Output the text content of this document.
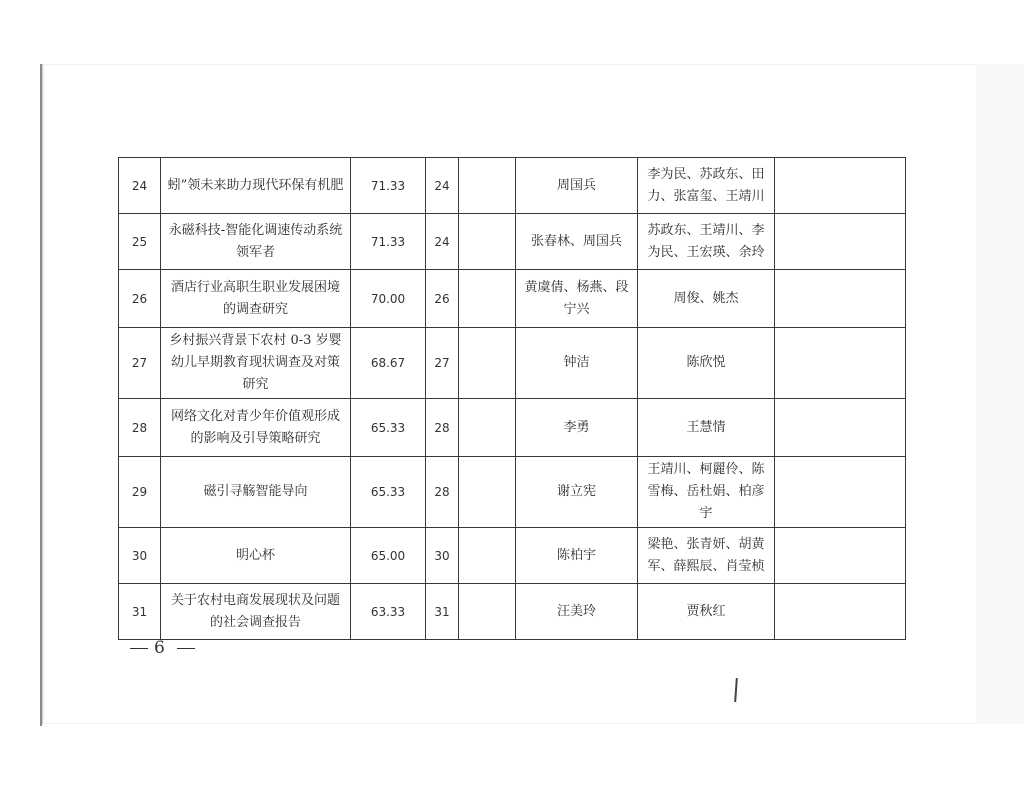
24	蚓”领未来助力现代环保有机肥	71.33	24		周国兵	李为民、苏政东、田力、张富玺、王靖川	
25	永磁科技-智能化调速传动系统领军者	71.33	24		张春林、周国兵	苏政东、王靖川、李为民、王宏瑛、余玲	
26	酒店行业高职生职业发展困境的调查研究	70.00	26		黄虞倩、杨燕、段宁兴	周俊、姚杰	
27	乡村振兴背景下农村 0-3 岁婴幼儿早期教育现状调查及对策研究	68.67	27		钟洁	陈欣悦	
28	网络文化对青少年价值观形成的影响及引导策略研究	65.33	28		李勇	王慧情	
29	磁引寻觞智能导向	65.33	28		谢立宪	王靖川、柯麗伶、陈雪梅、岳杜娟、柏彦宇	
30	明心杯	65.00	30		陈柏宇	梁艳、张青妍、胡黄军、薛熙辰、肖莹桢	
31	关于农村电商发展现状及问题的社会调查报告	63.33	31		汪美玲	贾秋红	
6
